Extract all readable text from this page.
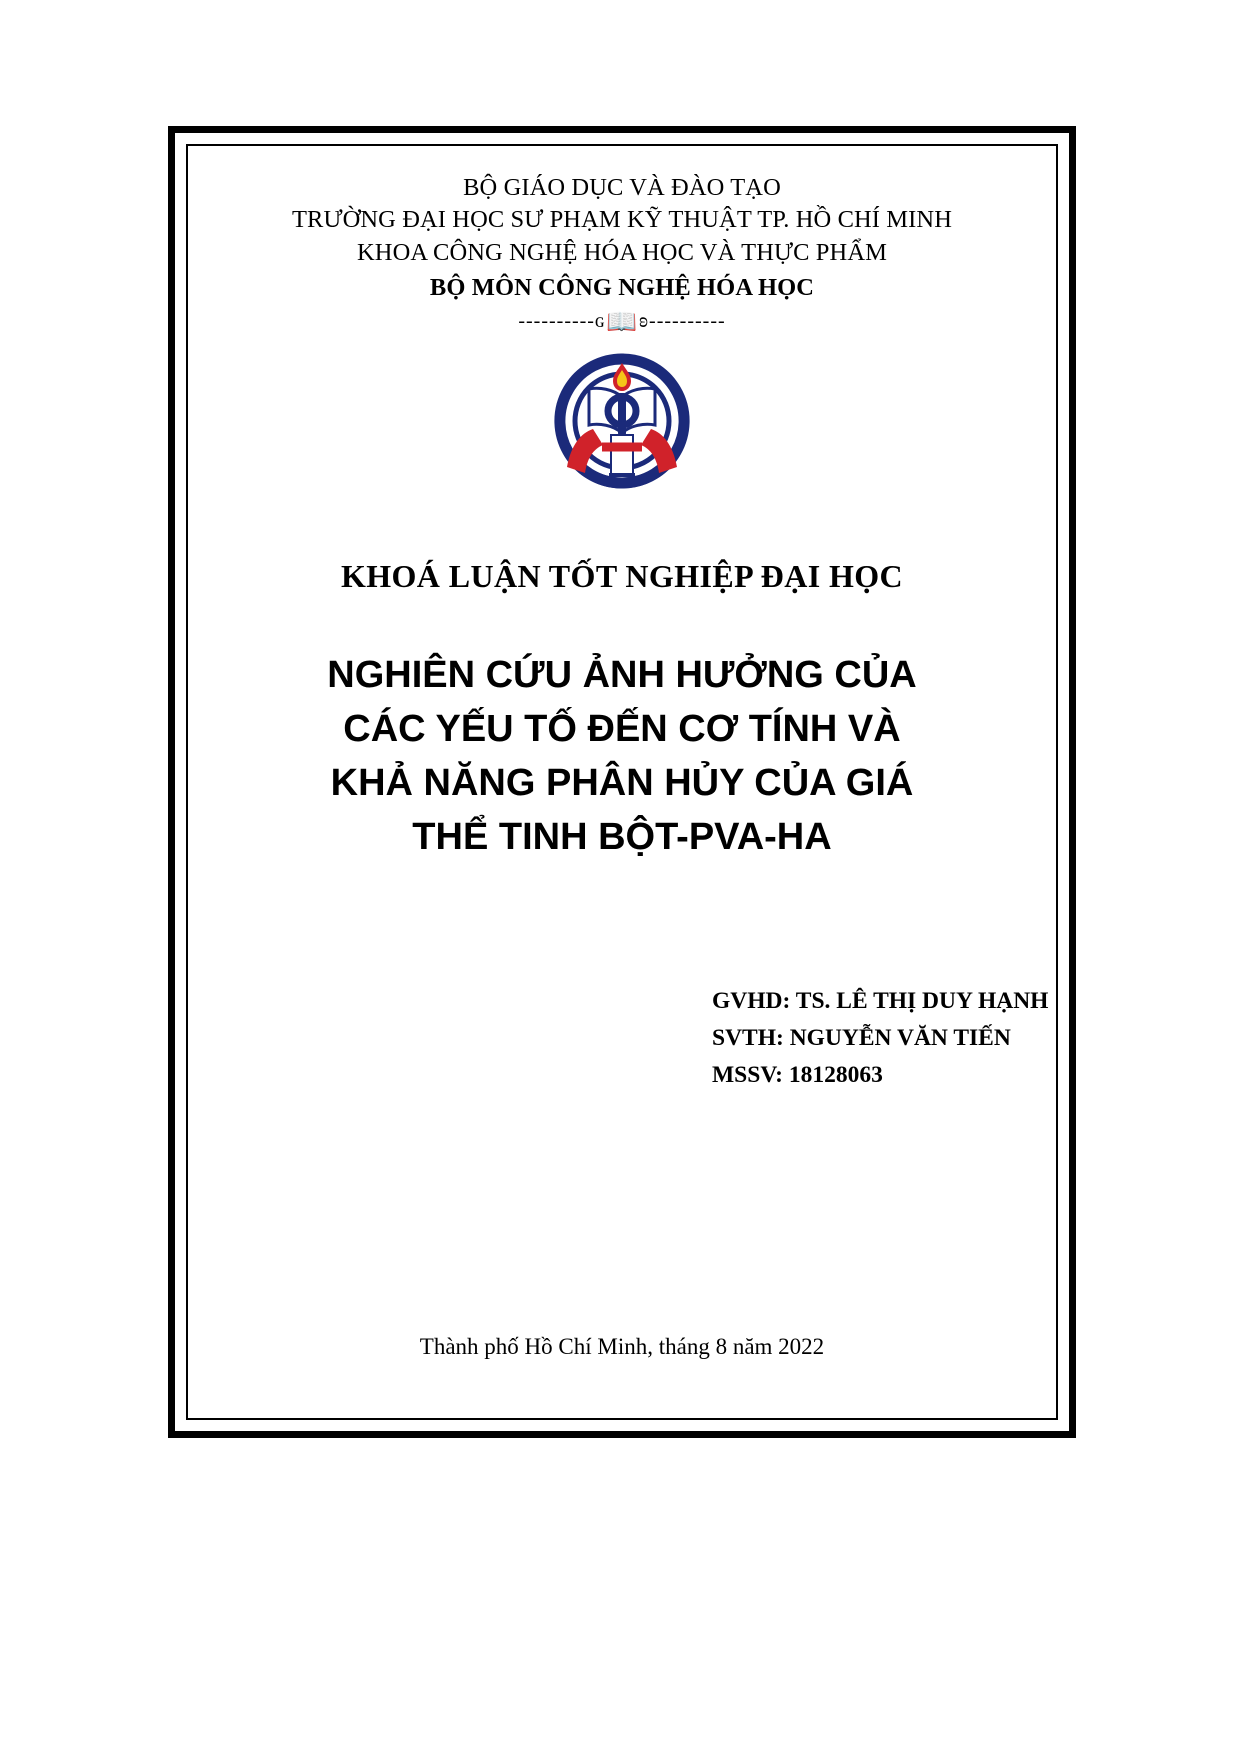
BỘ GIÁO DỤC VÀ ĐÀO TẠO
TRƯỜNG ĐẠI HỌC SƯ PHẠM KỸ THUẬT TP. HỒ CHÍ MINH
KHOA CÔNG NGHỆ HÓA HỌC VÀ THỰC PHẨM
BỘ MÔN CÔNG NGHỆ HÓA HỌC
----------ɢ📖ʚ----------
KHOÁ LUẬN TỐT NGHIỆP ĐẠI HỌC
NGHIÊN CỨU ẢNH HƯỞNG CỦA
CÁC YẾU TỐ ĐẾN CƠ TÍNH VÀ
KHẢ NĂNG PHÂN HỦY CỦA GIÁ
THỂ TINH BỘT-PVA-HA
GVHD: TS. LÊ THỊ DUY HẠNH
SVTH: NGUYỄN VĂN TIẾN
MSSV: 18128063
Thành phố Hồ Chí Minh, tháng 8 năm 2022
